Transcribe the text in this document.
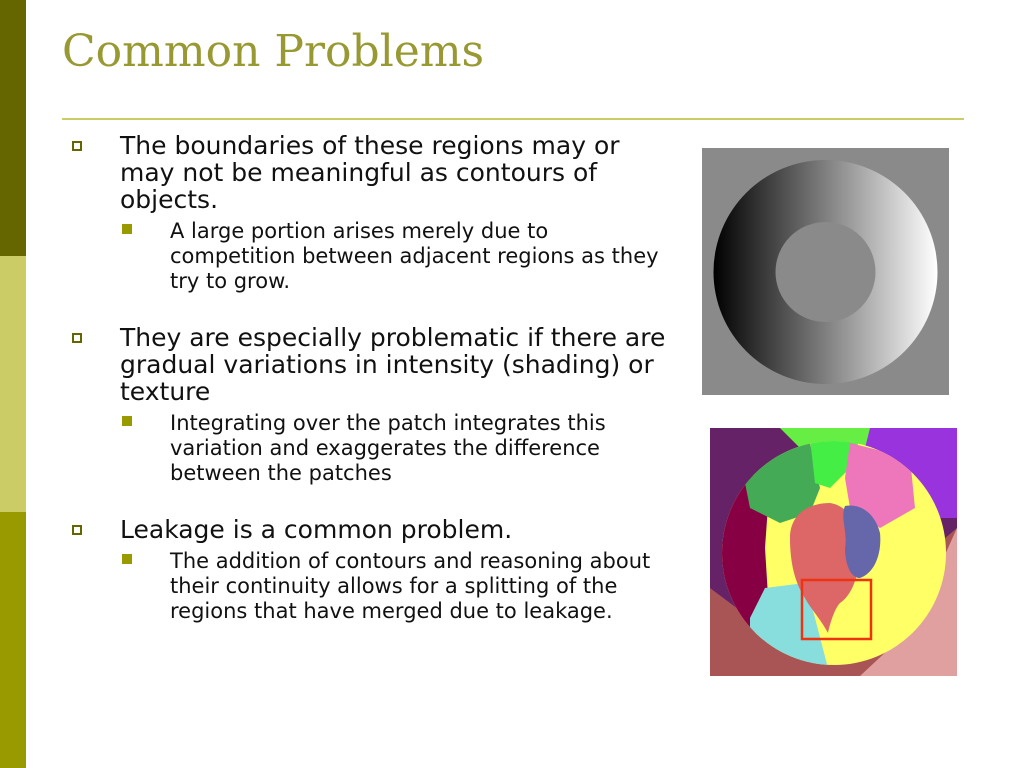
Common Problems
The boundaries of these regions may or may not be meaningful as contours of objects.
A large portion arises merely due to competition between adjacent regions as they try to grow.
They are especially problematic if there are gradual variations in intensity (shading) or texture
Integrating over the patch integrates this variation and exaggerates the difference between the patches
Leakage is a common problem.
The addition of contours and reasoning about their continuity allows for a splitting of the regions that have merged due to leakage.
